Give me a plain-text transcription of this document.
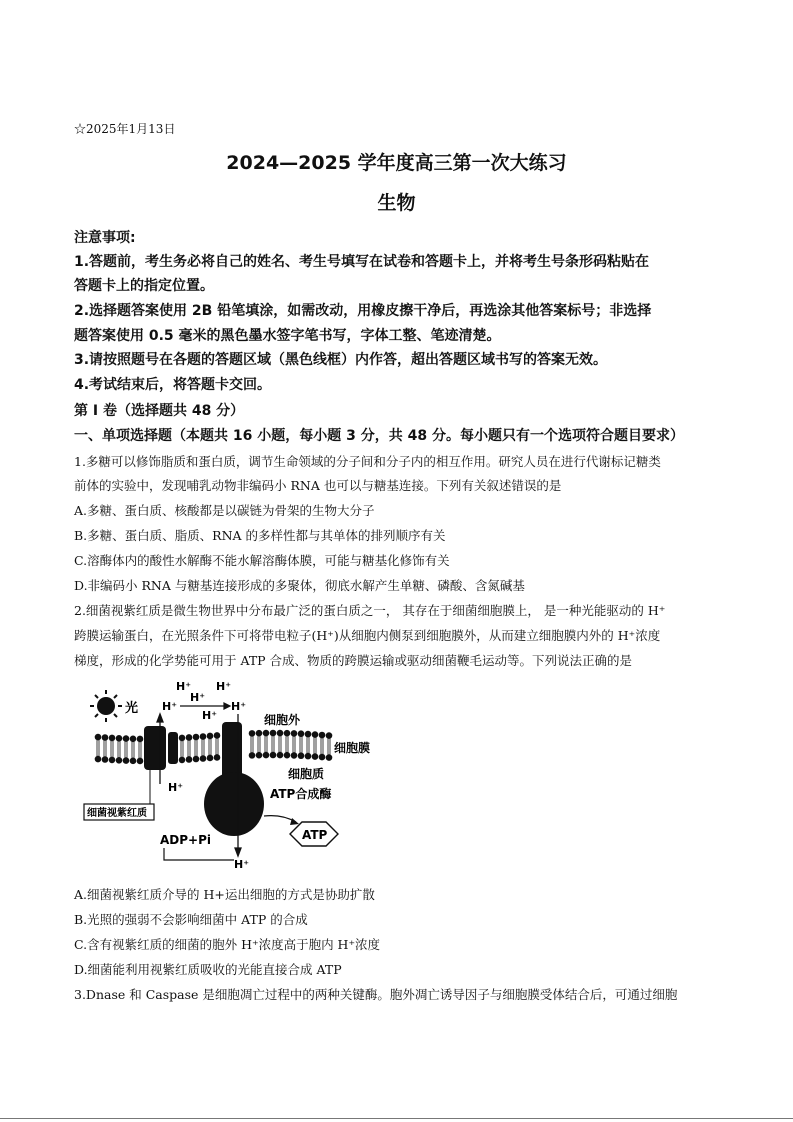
☆2025年1月13日
2024—2025 学年度高三第一次大练习
生物
注意事项:
1.答题前，考生务必将自己的姓名、考生号填写在试卷和答题卡上，并将考生号条形码粘贴在
答题卡上的指定位置。
2.选择题答案使用 2B 铅笔填涂，如需改动，用橡皮擦干净后，再选涂其他答案标号；非选择
题答案使用 0.5 毫米的黑色墨水签字笔书写，字体工整、笔迹清楚。
3.请按照题号在各题的答题区域（黑色线框）内作答，超出答题区域书写的答案无效。
4.考试结束后，将答题卡交回。
第 I 卷（选择题共 48 分）
一、单项选择题（本题共 16 小题，每小题 3 分，共 48 分。每小题只有一个选项符合题目要求）
1.多糖可以修饰脂质和蛋白质，调节生命领域的分子间和分子内的相互作用。研究人员在进行代谢标记糖类
前体的实验中，发现哺乳动物非编码小 RNA 也可以与糖基连接。下列有关叙述错误的是
A.多糖、蛋白质、核酸都是以碳链为骨架的生物大分子
B.多糖、蛋白质、脂质、RNA 的多样性都与其单体的排列顺序有关
C.溶酶体内的酸性水解酶不能水解溶酶体膜，可能与糖基化修饰有关
D.非编码小 RNA 与糖基连接形成的多聚体，彻底水解产生单糖、磷酸、含氮碱基
2.细菌视紫红质是微生物世界中分布最广泛的蛋白质之一， 其存在于细菌细胞膜上， 是一种光能驱动的 H⁺
跨膜运输蛋白，在光照条件下可将带电粒子(H⁺)从细胞内侧泵到细胞膜外，从而建立细胞膜内外的 H⁺浓度
梯度，形成的化学势能可用于 ATP 合成、物质的跨膜运输或驱动细菌鞭毛运动等。下列说法正确的是
光
H⁺ H⁺
H⁺
H⁺	H⁺
H⁺
H⁺
H⁺
细胞外
细胞膜
细胞质
ATP合成酶
细菌视紫红质
ADP+Pi	ATP
A.细菌视紫红质介导的 H+运出细胞的方式是协助扩散
B.光照的强弱不会影响细菌中 ATP 的合成
C.含有视紫红质的细菌的胞外 H⁺浓度高于胞内 H⁺浓度
D.细菌能利用视紫红质吸收的光能直接合成 ATP
3.Dnase 和 Caspase 是细胞凋亡过程中的两种关键酶。胞外凋亡诱导因子与细胞膜受体结合后，可通过细胞
